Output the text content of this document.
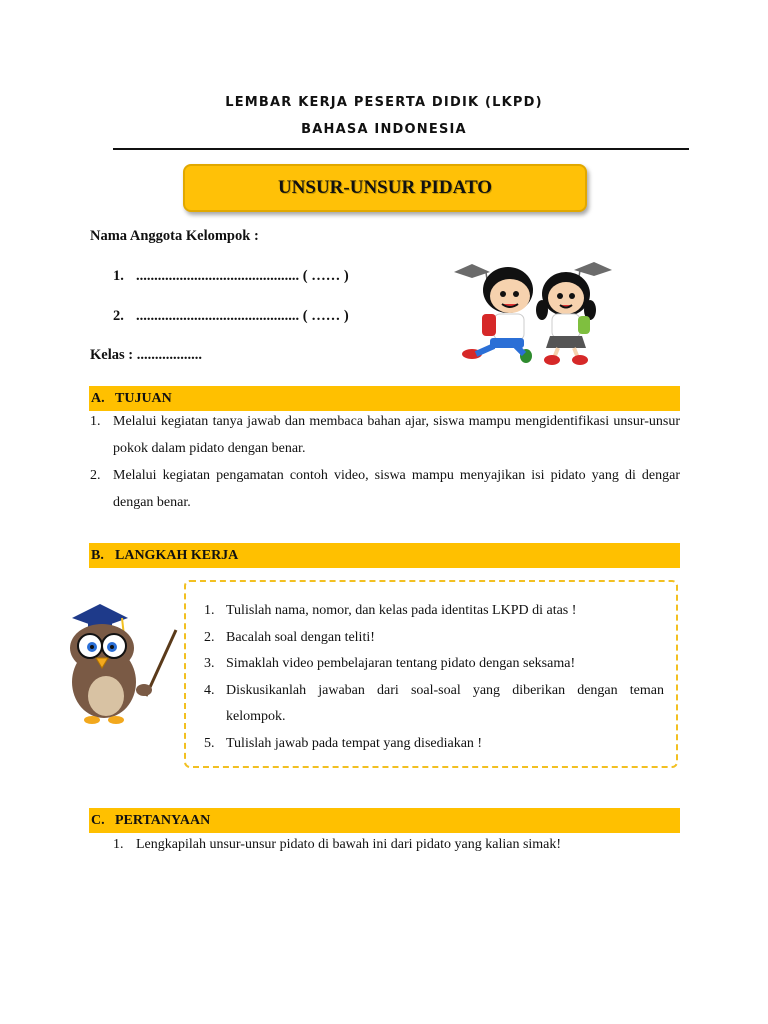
LEMBAR KERJA PESERTA DIDIK (LKPD)
BAHASA INDONESIA
UNSUR-UNSUR PIDATO
Nama Anggota Kelompok :
1. ............................................. ( …… )
2. ............................................. ( …… )
Kelas : ..................
A. TUJUAN
1. Melalui kegiatan tanya jawab dan membaca bahan ajar, siswa mampu mengidentifikasi unsur-unsur pokok dalam pidato dengan benar.
2. Melalui kegiatan pengamatan contoh video, siswa mampu menyajikan isi pidato yang di dengar dengan benar.
B. LANGKAH KERJA
1. Tulislah nama, nomor, dan kelas pada identitas LKPD di atas !
2. Bacalah soal dengan teliti!
3. Simaklah video pembelajaran tentang pidato dengan seksama!
4. Diskusikanlah jawaban dari soal-soal yang diberikan dengan teman kelompok.
5. Tulislah jawab pada tempat yang disediakan !
C. PERTANYAAN
1. Lengkapilah unsur-unsur pidato di bawah ini dari pidato yang kalian simak!
